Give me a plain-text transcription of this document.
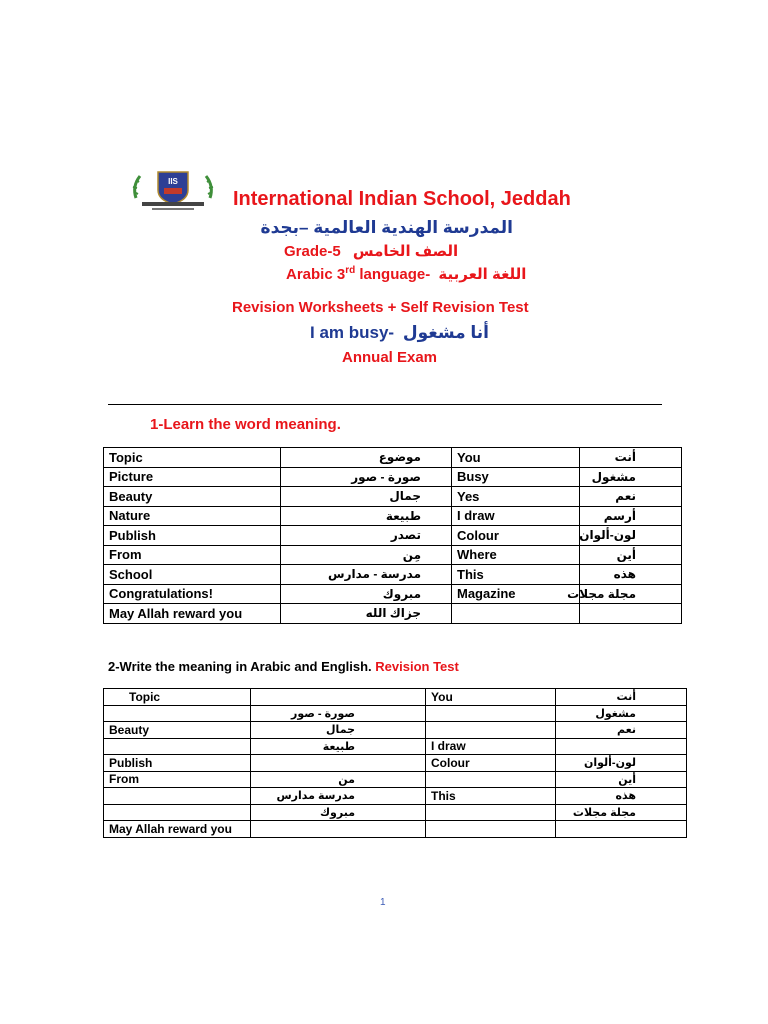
IIS
International Indian School, Jeddah
المدرسة الهندية العالمية –بجدة
Grade-5 الصف الخامس
Arabic 3rd language- اللغة العربية
Revision Worksheets + Self Revision Test
I am busy- أنا مشغول
Annual Exam
1-Learn the word meaning.
Topic	موضوع	You	أنت
Picture	صورة - صور	Busy	مشغول
Beauty	جمال	Yes	نعم
Nature	طبيعة	I draw	أرسم
Publish	تصدر	Colour	لون-ألوان
From	مِن	Where	أين
School	مدرسة - مدارس	This	هذه
Congratulations!	مبروك	Magazine	مجلة مجلات
May Allah reward you	جزاك الله		
2-Write the meaning in Arabic and English. Revision Test
Topic		You	أنت
	صورة - صور		مشغول
Beauty	جمال		نعم
	طبيعة	I draw	
Publish		Colour	لون-ألوان
From	من		أين
	مدرسة مدارس	This	هذه
	مبروك		مجلة مجلات
May Allah reward you			
1
